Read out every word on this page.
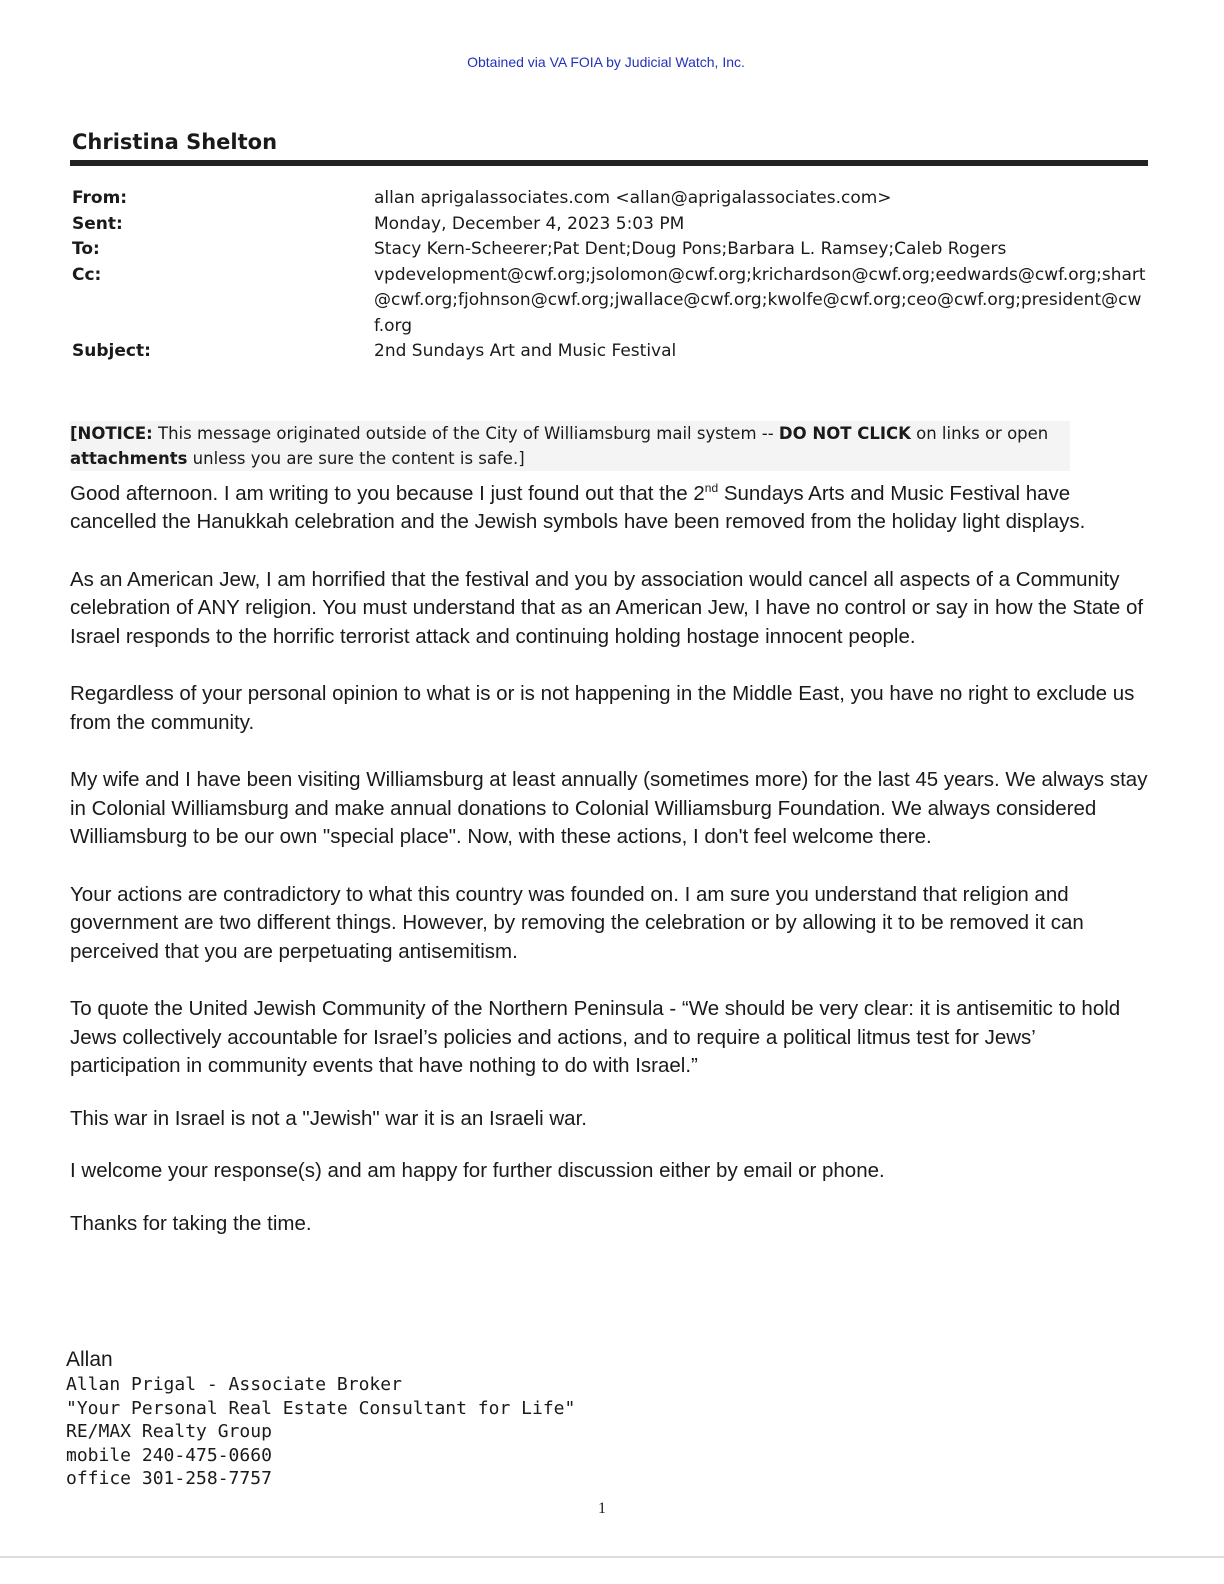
Obtained via VA FOIA by Judicial Watch, Inc.
Christina Shelton
From:	allan aprigalassociates.com <allan@aprigalassociates.com>
Sent:	Monday, December 4, 2023 5:03 PM
To:	Stacy Kern-Scheerer;Pat Dent;Doug Pons;Barbara L. Ramsey;Caleb Rogers
Cc:	vpdevelopment@cwf.org;jsolomon@cwf.org;krichardson@cwf.org;eedwards@cwf.org;shart@cwf.org;fjohnson@cwf.org;jwallace@cwf.org;kwolfe@cwf.org;ceo@cwf.org;president@cwf.org
Subject:	2nd Sundays Art and Music Festival
[NOTICE: This message originated outside of the City of Williamsburg mail system -- DO NOT CLICK on links or open attachments unless you are sure the content is safe.]

Good afternoon. I am writing to you because I just found out that the 2nd Sundays Arts and Music Festival have cancelled the Hanukkah celebration and the Jewish symbols have been removed from the holiday light displays.

As an American Jew, I am horrified that the festival and you by association would cancel all aspects of a Community celebration of ANY religion. You must understand that as an American Jew, I have no control or say in how the State of Israel responds to the horrific terrorist attack and continuing holding hostage innocent people.

Regardless of your personal opinion to what is or is not happening in the Middle East, you have no right to exclude us from the community.

My wife and I have been visiting Williamsburg at least annually (sometimes more) for the last 45 years. We always stay in Colonial Williamsburg and make annual donations to Colonial Williamsburg Foundation. We always considered Williamsburg to be our own "special place". Now, with these actions, I don't feel welcome there.

Your actions are contradictory to what this country was founded on. I am sure you understand that religion and government are two different things. However, by removing the celebration or by allowing it to be removed it can perceived that you are perpetuating antisemitism.

To quote the United Jewish Community of the Northern Peninsula - “We should be very clear: it is antisemitic to hold Jews collectively accountable for Israel’s policies and actions, and to require a political litmus test for Jews’ participation in community events that have nothing to do with Israel.”

This war in Israel is not a "Jewish" war it is an Israeli war.

I welcome your response(s) and am happy for further discussion either by email or phone.

Thanks for taking the time.

Allan
Allan Prigal - Associate Broker
"Your Personal Real Estate Consultant for Life"
RE/MAX Realty Group
mobile 240-475-0660
office 301-258-7757
1
